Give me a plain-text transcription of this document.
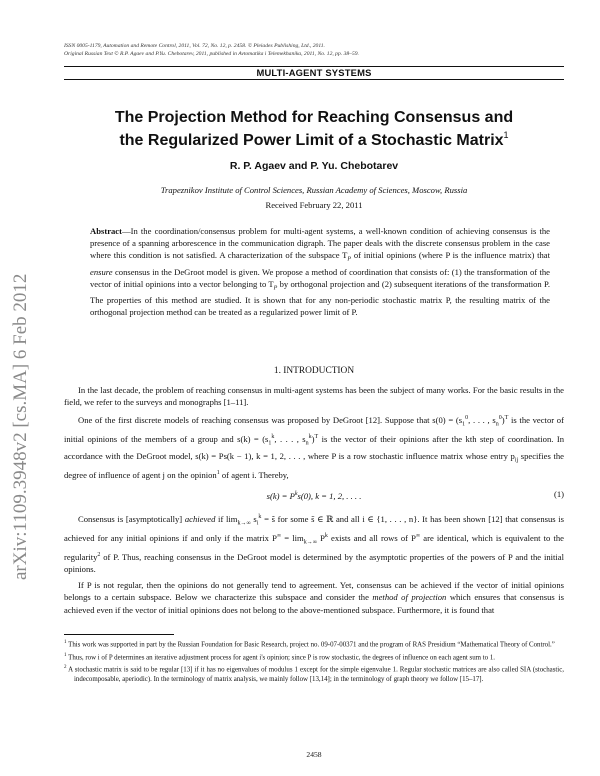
arXiv:1109.3948v2 [cs.MA] 6 Feb 2012
ISSN 0005-1179, Automation and Remote Control, 2011, Vol. 72, No. 12, p. 2458. © Pleiades Publishing, Ltd., 2011.
Original Russian Text © R.P. Agaev and P.Yu. Chebotarev, 2011, published in Avtomatika i Telemekhanika, 2011, No. 12, pp. 38–59.
MULTI-AGENT SYSTEMS
The Projection Method for Reaching Consensus and
the Regularized Power Limit of a Stochastic Matrix$^1$
R. P. Agaev and P. Yu. Chebotarev
Trapeznikov Institute of Control Sciences, Russian Academy of Sciences, Moscow, Russia
Received February 22, 2011
Abstract—In the coordination/consensus problem for multi-agent systems, a well-known condition of achieving consensus is the presence of a spanning arborescence in the communication digraph. The paper deals with the discrete consensus problem in the case where this condition is not satisfied. A characterization of the subspace $T_P$ of initial opinions (where P is the influence matrix) that ensure consensus in the DeGroot model is given. We propose a method of coordination that consists of: (1) the transformation of the vector of initial opinions into a vector belonging to $T_P$ by orthogonal projection and (2) subsequent iterations of the transformation P. The properties of this method are studied. It is shown that for any non-periodic stochastic matrix P, the resulting matrix of the orthogonal projection method can be treated as a regularized power limit of P.
1. INTRODUCTION

In the last decade, the problem of reaching consensus in multi-agent systems has been the subject of many works. For the basic results in the field, we refer to the surveys and monographs [1–11].

One of the first discrete models of reaching consensus was proposed by DeGroot [12]. Suppose that $s(0) = (s_1^0$, . . . , $s_n^0)^T$ is the vector of initial opinions of the members of a group and $s(k) = (s_1^k$, . . . , $s_n^k)^T$ is the vector of their opinions after the kth step of coordination. In accordance with the DeGroot model, s(k) = Ps(k − 1), k = 1, 2, . . . , where P is a row stochastic influence matrix whose entry $p_{ij}$ specifies the degree of influence of agent j on the opinion$^1$ of agent i. Thereby,

$s(k) = P^ks(0)$, k = 1, 2, . . . .	(1)

Consensus is [asymptotically] achieved if $\lim_{k\to\infty} s_i^k$ = s̃ for some s̃ ∈ ℝ and all i ∈ {1, . . . , n}. It has been shown [12] that consensus is achieved for any initial opinions if and only if the matrix $P^\infty = \lim_{k\to\infty} P^k$ exists and all rows of P∞ are identical, which is equivalent to the regularity$^2$ of P. Thus, reaching consensus in the DeGroot model is determined by the asymptotic properties of the powers of P and the initial opinions.

If P is not regular, then the opinions do not generally tend to agreement. Yet, consensus can be achieved if the vector of initial opinions belongs to a certain subspace. Below we characterize this subspace and consider the method of projection which ensures that consensus is achieved even if the vector of initial opinions does not belong to the above-mentioned subspace. Furthermore, it is found that

$^1$ This work was supported in part by the Russian Foundation for Basic Research, project no. 09-07-00371 and the program of RAS Presidium “Mathematical Theory of Control.”
$^1$ Thus, row i of P determines an iterative adjustment process for agent i's opinion; since P is row stochastic, the degrees of influence on each agent sum to 1.
$^2$ A stochastic matrix is said to be regular [13] if it has no eigenvalues of modulus 1 except for the simple eigenvalue 1. Regular stochastic matrices are also called SIA (stochastic, indecomposable, aperiodic). In the terminology of matrix analysis, we mainly follow [13,14]; in the terminology of graph theory we follow [15–17].
2458
